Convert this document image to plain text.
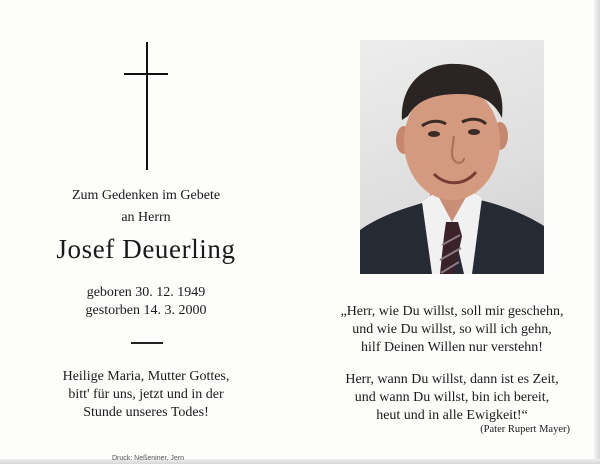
Zum Gedenken im Gebete
an Herrn
Josef Deuerling
geboren 30. 12. 1949
gestorben 14. 3. 2000
Heilige Maria, Mutter Gottes,
bitt' für uns, jetzt und in der
Stunde unseres Todes!
Druck: Neßeniner, Jern
„Herr, wie Du willst, soll mir geschehn,
und wie Du willst, so will ich gehn,
hilf Deinen Willen nur verstehn!
Herr, wann Du willst, dann ist es Zeit,
und wann Du willst, bin ich bereit,
heut und in alle Ewigkeit!“
(Pater Rupert Mayer)
